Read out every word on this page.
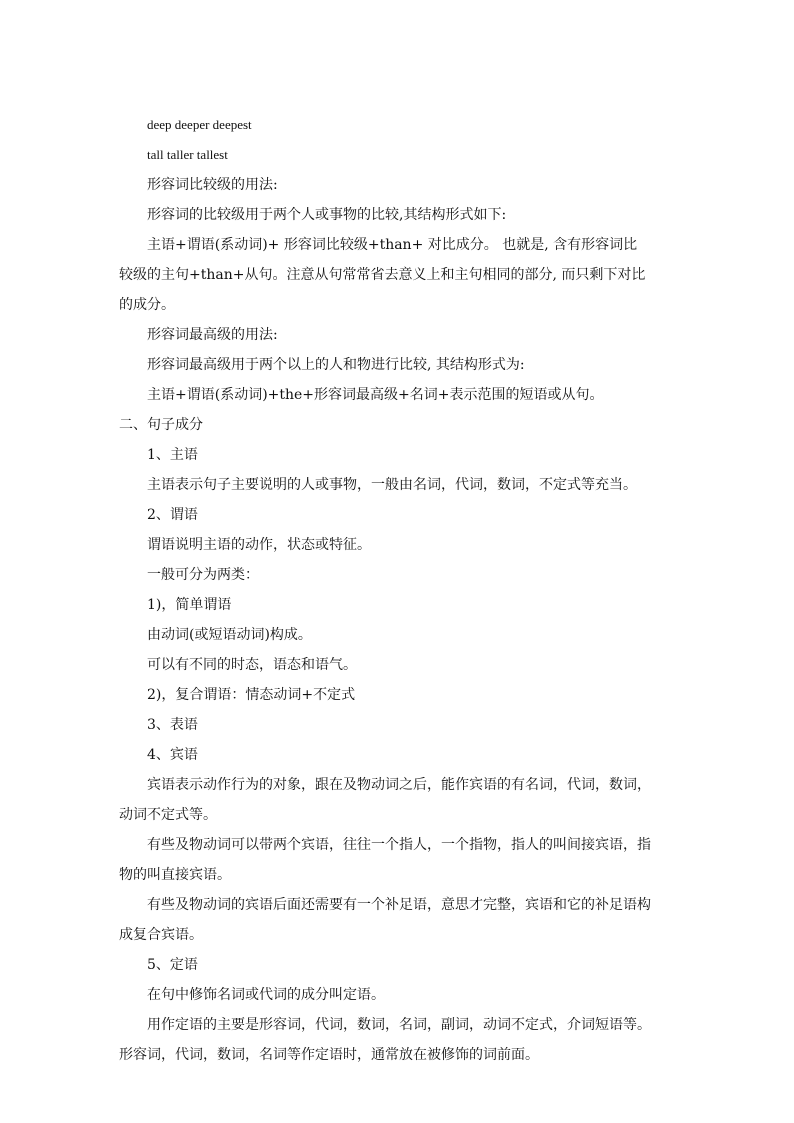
deep deeper deepest

tall taller tallest

形容词比较级的用法:

形容词的比较级用于两个人或事物的比较,其结构形式如下:

主语+谓语(系动词)+ 形容词比较级+than+ 对比成分。 也就是, 含有形容词比较级的主句+than+从句。注意从句常常省去意义上和主句相同的部分, 而只剩下对比的成分。

形容词最高级的用法:

形容词最高级用于两个以上的人和物进行比较, 其结构形式为:

主语+谓语(系动词)+the+形容词最高级+名词+表示范围的短语或从句。

二、句子成分

1、主语

主语表示句子主要说明的人或事物，一般由名词，代词，数词，不定式等充当。

2、谓语

谓语说明主语的动作，状态或特征。

一般可分为两类：

1)，简单谓语

由动词(或短语动词)构成。

可以有不同的时态，语态和语气。

2)，复合谓语：情态动词+不定式

3、表语

4、宾语

宾语表示动作行为的对象，跟在及物动词之后，能作宾语的有名词，代词，数词，动词不定式等。

有些及物动词可以带两个宾语，往往一个指人，一个指物，指人的叫间接宾语，指物的叫直接宾语。

有些及物动词的宾语后面还需要有一个补足语，意思才完整，宾语和它的补足语构成复合宾语。

5、定语

在句中修饰名词或代词的成分叫定语。

用作定语的主要是形容词，代词，数词，名词，副词，动词不定式，介词短语等。形容词，代词，数词，名词等作定语时，通常放在被修饰的词前面。
